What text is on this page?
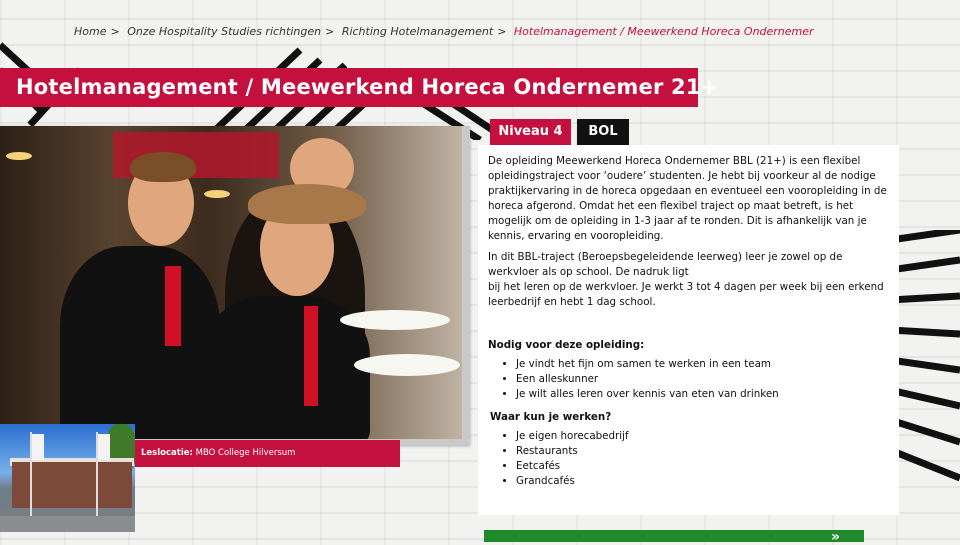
Home > Onze Hospitality Studies richtingen > Richting Hotelmanagement > Hotelmanagement / Meewerkend Horeca Ondernemer
Hotelmanagement / Meewerkend Horeca Ondernemer 21+
Leslocatie: MBO College Hilversum
Niveau 4	BOL

De opleiding Meewerkend Horeca Ondernemer BBL (21+) is een flexibel opleidingstraject voor ‘oudere’ studenten. Je hebt bij voorkeur al de nodige praktijkervaring in de horeca opgedaan en eventueel een vooropleiding in de horeca afgerond. Omdat het een flexibel traject op maat betreft, is het mogelijk om de opleiding in 1-3 jaar af te ronden. Dit is afhankelijk van je kennis, ervaring en vooropleiding.

In dit BBL-traject (Beroepsbegeleidende leerweg) leer je zowel op de werkvloer als op school. De nadruk ligt
bij het leren op de werkvloer. Je werkt 3 tot 4 dagen per week bij een erkend leerbedrijf en hebt 1 dag school.

Nodig voor deze opleiding:
• Je vindt het fijn om samen te werken in een team
• Een alleskunner
• Je wilt alles leren over kennis van eten van drinken
Waar kun je werken?
• Je eigen horecabedrijf
• Restaurants
• Eetcafés
• Grandcafés
»
